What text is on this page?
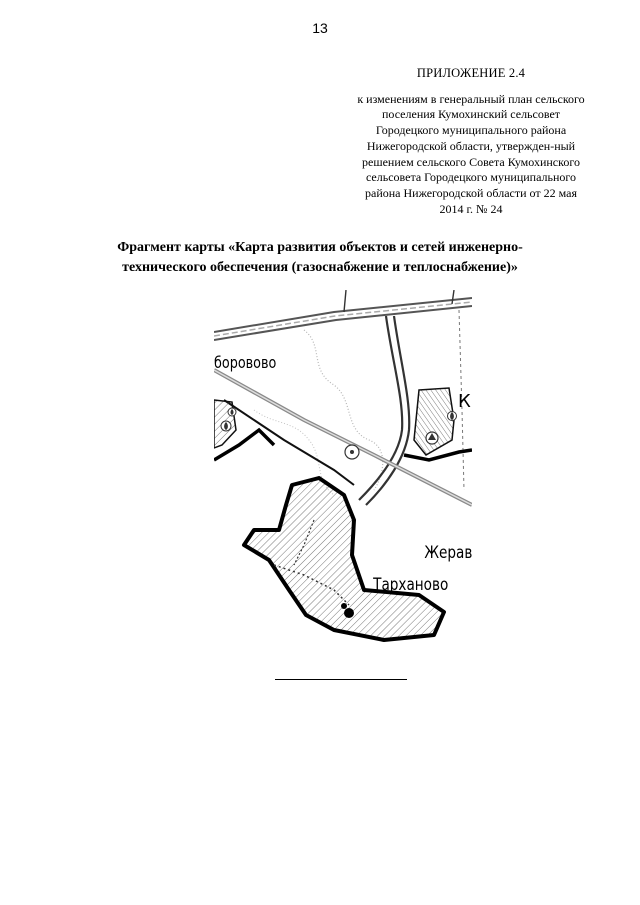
13
ПРИЛОЖЕНИЕ 2.4
к изменениям в генеральный план сельского
поселения Кумохинский сельсовет
Городецкого муниципального района
Нижегородской области, утвержден-ный
решением сельского Совета Кумохинского
сельсовета Городецкого муниципального
района Нижегородской области от 22 мая
2014 г. № 24
Фрагмент карты «Карта развития объектов и сетей инженерно-
технического обеспечения (газоснабжение и теплоснабжение)»
боровово
К
Жерав
Тарханово
